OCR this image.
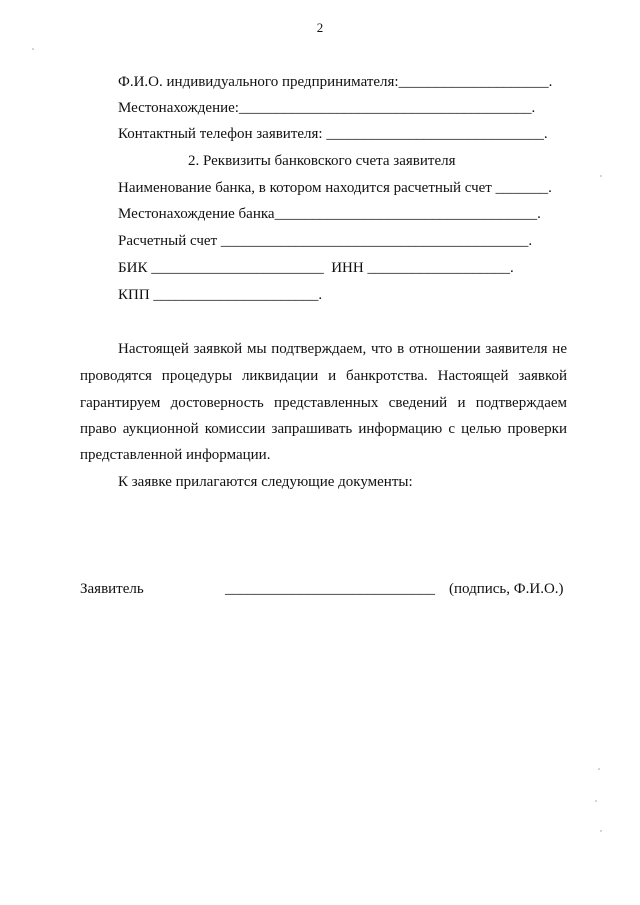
2
Ф.И.О. индивидуального предпринимателя:____________________.
Местонахождение:_______________________________________.
Контактный телефон заявителя: _____________________________.
2. Реквизиты банковского счета заявителя
Наименование банка, в котором находится расчетный счет _______.
Местонахождение банка___________________________________.
Расчетный счет _________________________________________.
БИК _______________________  ИНН ___________________.
КПП ______________________.
Настоящей заявкой мы подтверждаем, что в отношении заявителя не
проводятся процедуры ликвидации и банкротства. Настоящей заявкой
гарантируем достоверность представленных сведений и подтверждаем
право аукционной комиссии запрашивать информацию с целью проверки
представленной информации.
К заявке прилагаются следующие документы:
Заявитель	____________________________ (подпись, Ф.И.О.)
